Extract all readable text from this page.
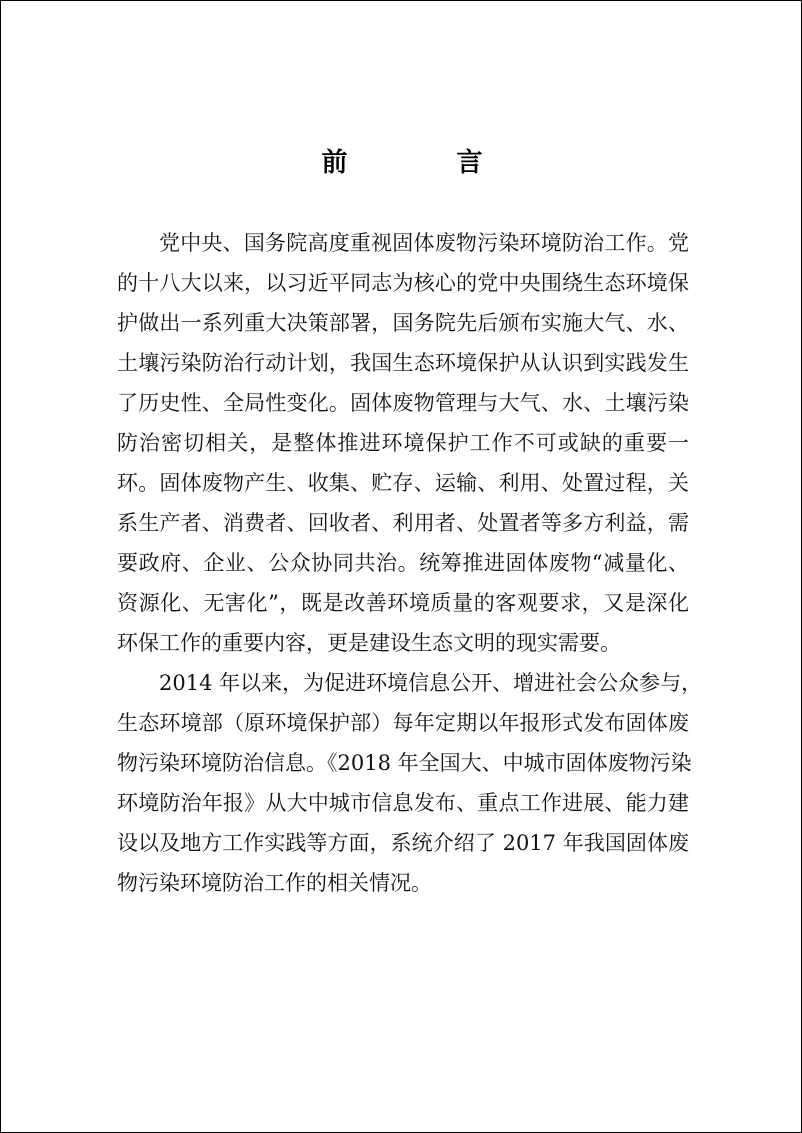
前 言
党中央、国务院高度重视固体废物污染环境防治工作。党
的十八大以来，以习近平同志为核心的党中央围绕生态环境保
护做出一系列重大决策部署，国务院先后颁布实施大气、水、
土壤污染防治行动计划，我国生态环境保护从认识到实践发生
了历史性、全局性变化。固体废物管理与大气、水、土壤污染
防治密切相关，是整体推进环境保护工作不可或缺的重要一
环。固体废物产生、收集、贮存、运输、利用、处置过程，关
系生产者、消费者、回收者、利用者、处置者等多方利益，需
要政府、企业、公众协同共治。统筹推进固体废物“减量化、
资源化、无害化”，既是改善环境质量的客观要求，又是深化
环保工作的重要内容，更是建设生态文明的现实需要。
2014 年以来，为促进环境信息公开、增进社会公众参与，
生态环境部（原环境保护部）每年定期以年报形式发布固体废
物污染环境防治信息。《2018 年全国大、中城市固体废物污染
环境防治年报》从大中城市信息发布、重点工作进展、能力建
设以及地方工作实践等方面，系统介绍了 2017 年我国固体废
物污染环境防治工作的相关情况。
